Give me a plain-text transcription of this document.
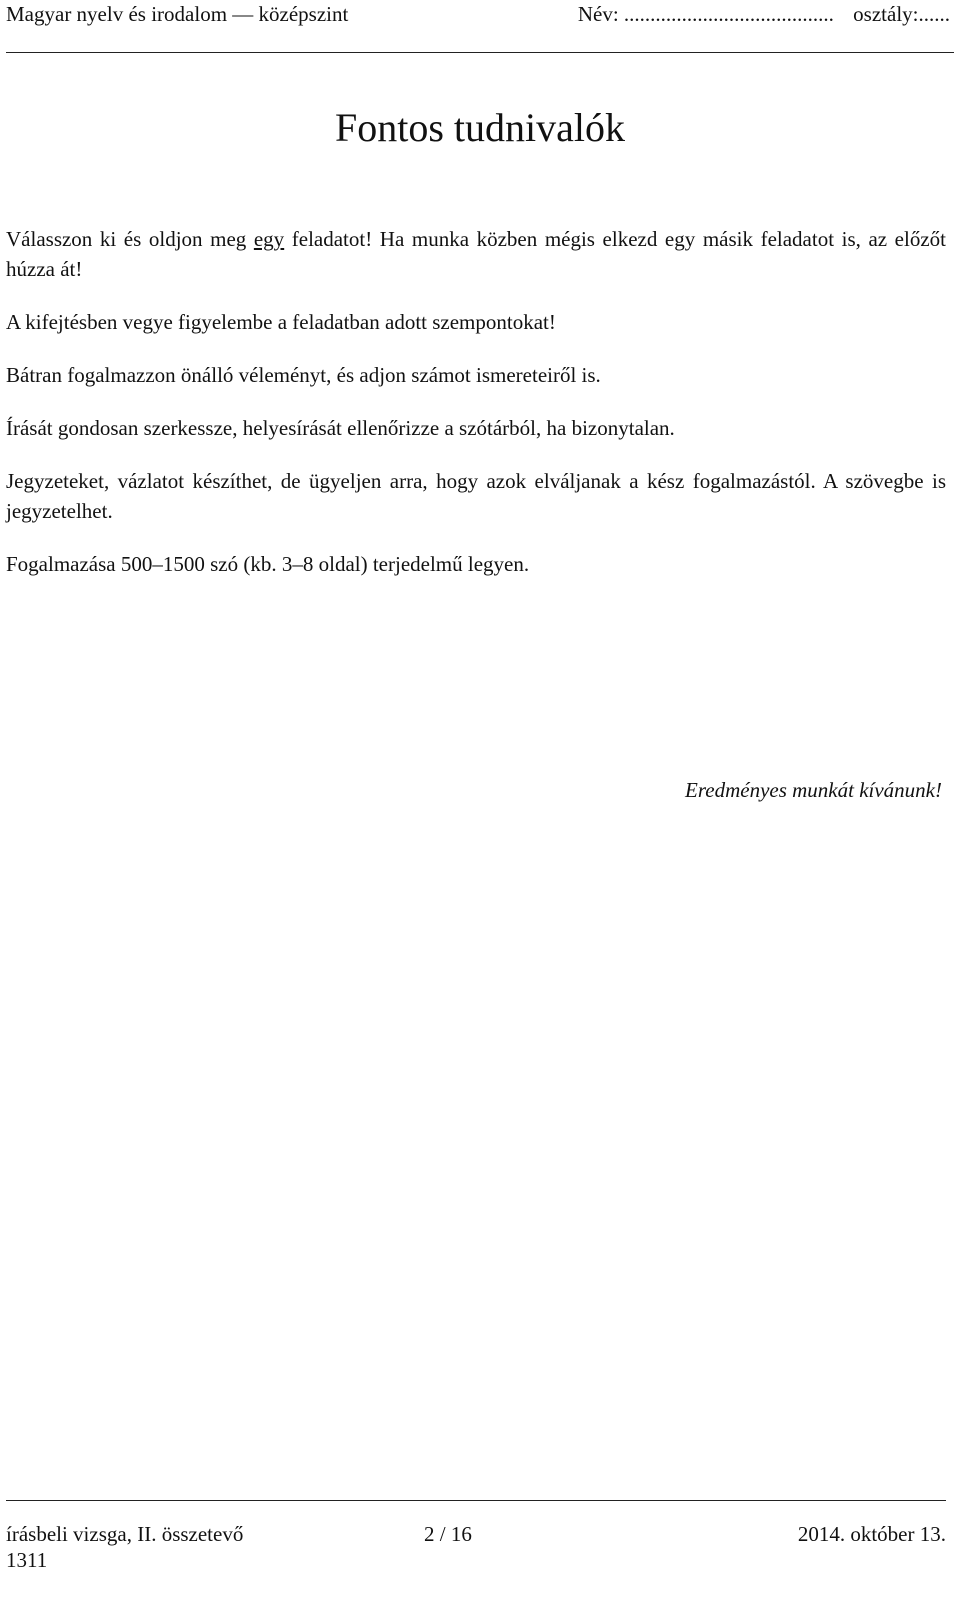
Magyar nyelv és irodalom — középszint	Név: ........................................ osztály:......
Fontos tudnivalók

Válasszon ki és oldjon meg egy feladatot! Ha munka közben mégis elkezd egy másik feladatot is, az előzőt húzza át!

A kifejtésben vegye figyelembe a feladatban adott szempontokat!

Bátran fogalmazzon önálló véleményt, és adjon számot ismereteiről is.

Írását gondosan szerkessze, helyesírását ellenőrizze a szótárból, ha bizonytalan.

Jegyzeteket, vázlatot készíthet, de ügyeljen arra, hogy azok elváljanak a kész fogalmazástól. A szövegbe is jegyzetelhet.

Fogalmazása 500–1500 szó (kb. 3–8 oldal) terjedelmű legyen.

Eredményes munkát kívánunk!
írásbeli vizsga, II. összetevő
1311
2 / 16	2014. október 13.
